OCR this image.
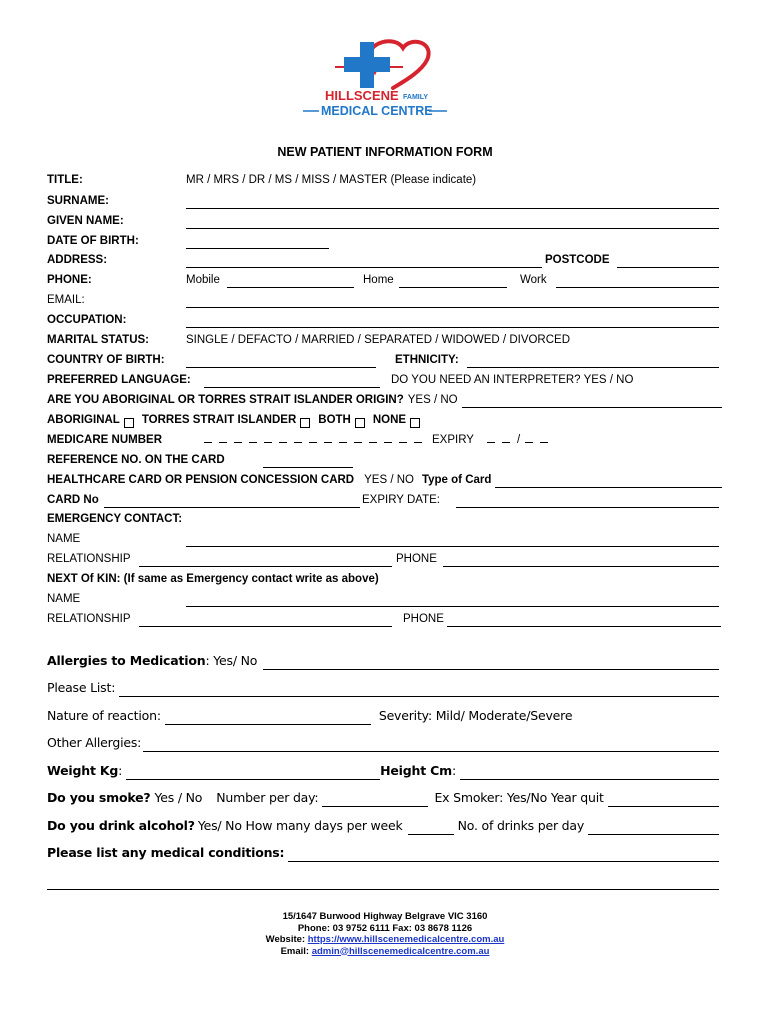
HILLSCENE FAMILY
MEDICAL CENTRE
NEW PATIENT INFORMATION FORM
TITLE:	MR / MRS / DR / MS / MISS / MASTER (Please indicate)
SURNAME:
GIVEN NAME:
DATE OF BIRTH:
ADDRESS:	POSTCODE
PHONE:	Mobile	Home	Work
EMAIL:
OCCUPATION:
MARITAL STATUS:	SINGLE / DEFACTO / MARRIED / SEPARATED / WIDOWED / DIVORCED
COUNTRY OF BIRTH:	ETHNICITY:
PREFERRED LANGUAGE:	DO YOU NEED AN INTERPRETER? YES / NO
ARE YOU ABORIGINAL OR TORRES STRAIT ISLANDER ORIGIN? YES / NO
ABORIGINAL TORRES STRAIT ISLANDER BOTH NONE
MEDICARE NUMBER	EXPIRY	/
REFERENCE NO. ON THE CARD
HEALTHCARE CARD OR PENSION CONCESSION CARD YES / NO Type of Card
CARD No	EXPIRY DATE:
EMERGENCY CONTACT:
NAME
RELATIONSHIP	PHONE
NEXT Of KIN: (If same as Emergency contact write as above)
NAME
RELATIONSHIP	PHONE
Allergies to Medication : Yes/ No
Please List:
Nature of reaction:	Severity: Mild/ Moderate/Severe
Other Allergies:
Weight Kg :	Height Cm :
Do you smoke? Yes / No Number per day:	Ex Smoker: Yes/No Year quit
Do you drink alcohol? Yes/ No How many days per week	No. of drinks per day
Please list any medical conditions:
15/1647 Burwood Highway Belgrave VIC 3160
Phone: 03 9752 6111 Fax: 03 8678 1126
Website: https://www.hillscenemedicalcentre.com.au
Email: admin@hillscenemedicalcentre.com.au
